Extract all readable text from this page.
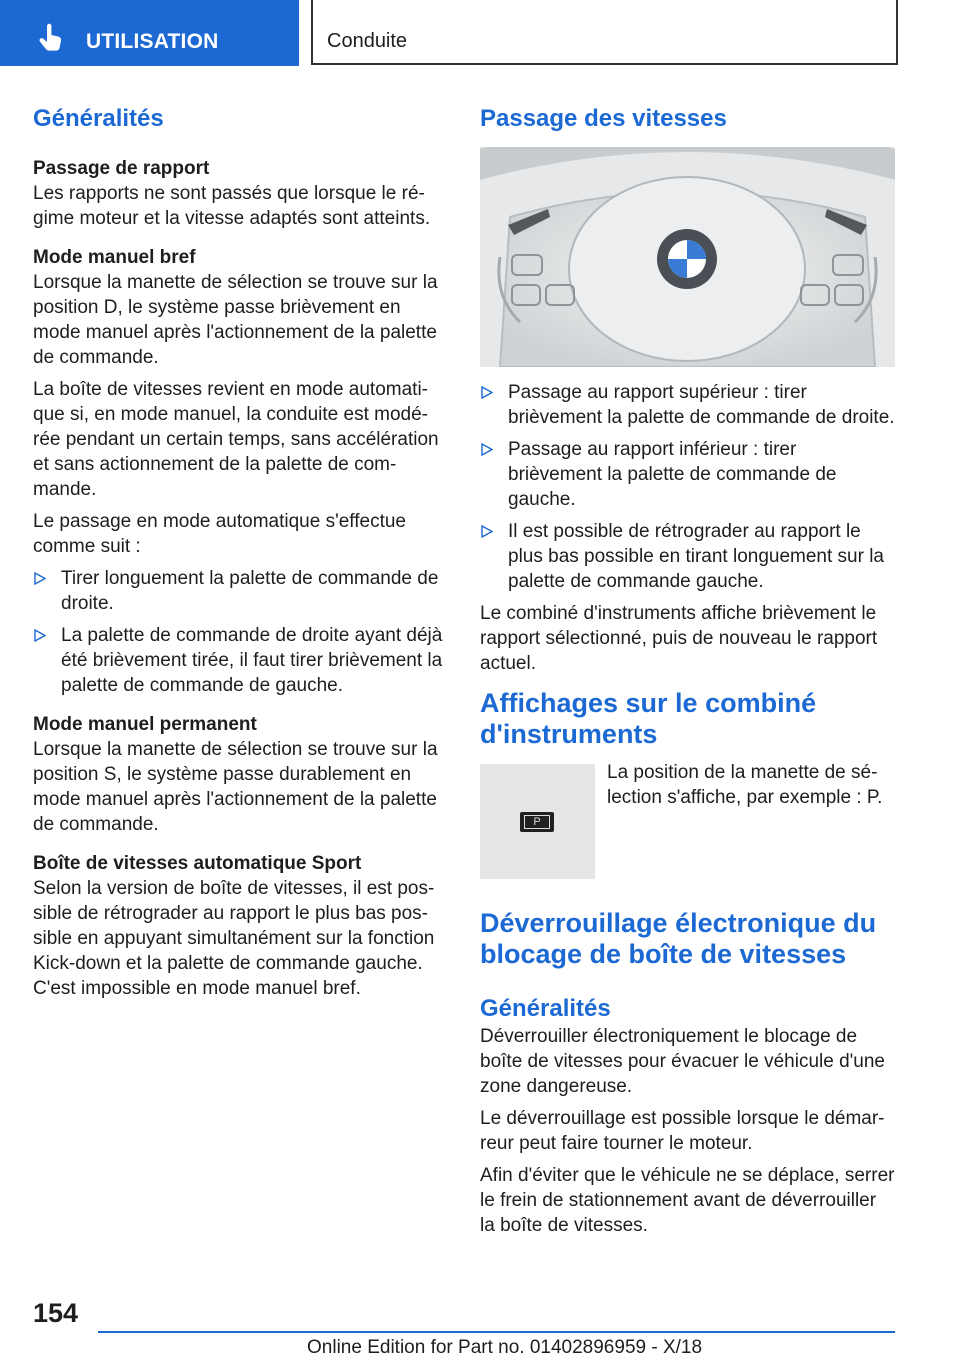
UTILISATION	Conduite
Généralités
Passage de rapport

Les rapports ne sont passés que lorsque le ré-gime moteur et la vitesse adaptés sont atteints.

Mode manuel bref

Lorsque la manette de sélection se trouve sur la position D, le système passe brièvement en mode manuel après l'actionnement de la palette de commande.

La boîte de vitesses revient en mode automati-que si, en mode manuel, la conduite est modé-rée pendant un certain temps, sans accélération et sans actionnement de la palette de com-mande.

Le passage en mode automatique s'effectue comme suit :

Tirer longuement la palette de commande de droite.
La palette de commande de droite ayant déjà été brièvement tirée, il faut tirer brièvement la palette de commande de gauche.
Mode manuel permanent

Lorsque la manette de sélection se trouve sur la position S, le système passe durablement en mode manuel après l'actionnement de la palette de commande.

Boîte de vitesses automatique Sport

Selon la version de boîte de vitesses, il est pos-sible de rétrograder au rapport le plus bas pos-sible en appuyant simultanément sur la fonction Kick-down et la palette de commande gauche. C'est impossible en mode manuel bref.

Passage des vitesses
Passage au rapport supérieur : tirer brièvement la palette de commande de droite.
Passage au rapport inférieur : tirer brièvement la palette de commande de gauche.
Il est possible de rétrograder au rapport le plus bas possible en tirant longuement sur la palette de commande gauche.

Le combiné d'instruments affiche brièvement le rapport sélectionné, puis de nouveau le rapport actuel.

Affichages sur le combiné d'instruments
P

La position de la manette de sé-lection s'affiche, par exemple : P.

Déverrouillage électronique du blocage de boîte de vitesses
Généralités

Déverrouiller électroniquement le blocage de boîte de vitesses pour évacuer le véhicule d'une zone dangereuse.

Le déverrouillage est possible lorsque le démar-reur peut faire tourner le moteur.

Afin d'éviter que le véhicule ne se déplace, serrer le frein de stationnement avant de déverrouiller la boîte de vitesses.

154
Online Edition for Part no. 01402896959 - X/18
